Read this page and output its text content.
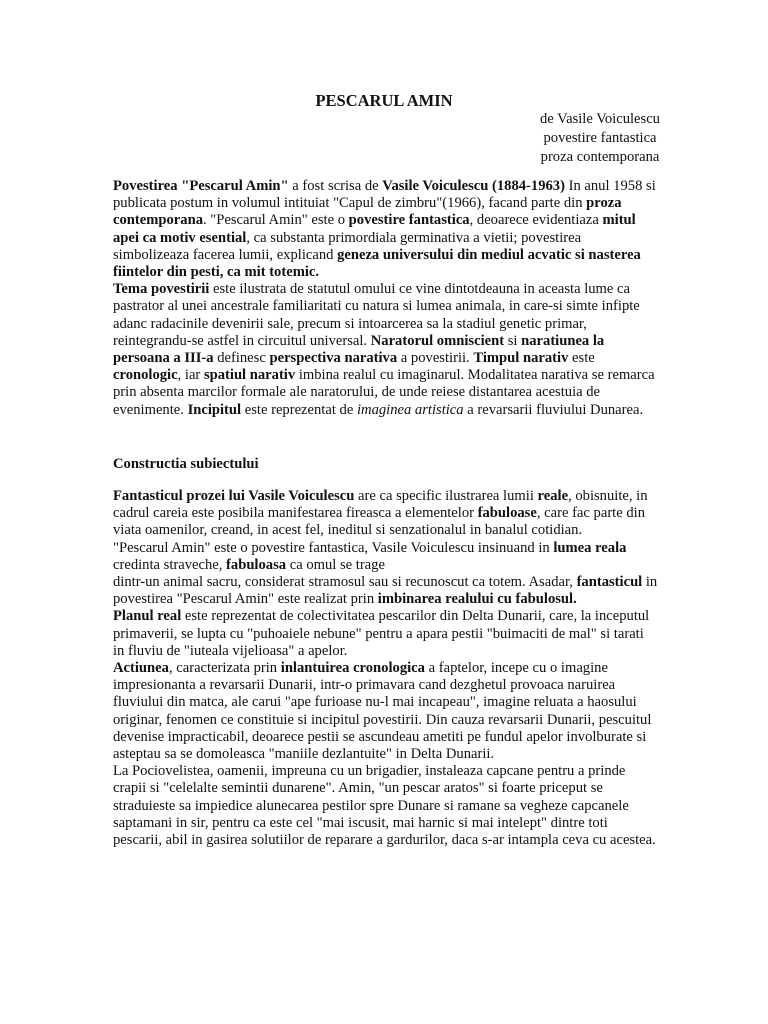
PESCARUL AMIN
de Vasile Voiculescu
povestire fantastica
proza contemporana

Povestirea "Pescarul Amin" a fost scrisa de Vasile Voiculescu (1884-1963) In anul 1958 si publicata postum in volumul intituiat "Capul de zimbru"(1966), facand parte din proza contemporana. "Pescarul Amin" este o povestire fantastica, deoarece evidentiaza mitul apei ca motiv esential, ca substanta primordiala germinativa a vietii; povestirea simbolizeaza facerea lumii, explicand geneza universului din mediul acvatic si nasterea fiintelor din pesti, ca mit totemic.

Tema povestirii este ilustrata de statutul omului ce vine dintotdeauna in aceasta lume ca pastrator al unei ancestrale familiaritati cu natura si lumea animala, in care-si simte infipte adanc radacinile devenirii sale, precum si intoarcerea sa la stadiul genetic primar, reintegrandu-se astfel in circuitul universal. Naratorul omniscient si naratiunea la persoana a III-a definesc perspectiva narativa a povestirii. Timpul narativ este cronologic, iar spatiul narativ imbina realul cu imaginarul. Modalitatea narativa se remarca prin absenta marcilor formale ale naratorului, de unde reiese distantarea acestuia de evenimente. Incipitul este reprezentat de imaginea artistica a revarsarii fluviului Dunarea.

Constructia subiectului

Fantasticul prozei lui Vasile Voiculescu are ca specific ilustrarea lumii reale, obisnuite, in cadrul careia este posibila manifestarea fireasca a elementelor fabuloase, care fac parte din viata oamenilor, creand, in acest fel, ineditul si senzationalul in banalul cotidian.

"Pescarul Amin" este o povestire fantastica, Vasile Voiculescu insinuand in lumea reala credinta straveche, fabuloasa ca omul se trage

dintr-un animal sacru, considerat stramosul sau si recunoscut ca totem. Asadar, fantasticul in povestirea "Pescarul Amin" este realizat prin imbinarea realului cu fabulosul.

Planul real este reprezentat de colectivitatea pescarilor din Delta Dunarii, care, la inceputul primaverii, se lupta cu "puhoaiele nebune" pentru a apara pestii "buimaciti de mal" si tarati in fluviu de "iuteala vijelioasa" a apelor.

Actiunea, caracterizata prin inlantuirea cronologica a faptelor, incepe cu o imagine impresionanta a revarsarii Dunarii, intr-o primavara cand dezghetul provoaca naruirea fluviului din matca, ale carui "ape furioase nu-l mai incapeau", imagine reluata a haosului originar, fenomen ce constituie si incipitul povestirii. Din cauza revarsarii Dunarii, pescuitul devenise impracticabil, deoarece pestii se ascundeau ametiti pe fundul apelor involburate si asteptau sa se domoleasca "maniile dezlantuite" in Delta Dunarii.

La Pociovelistea, oamenii, impreuna cu un brigadier, instaleaza capcane pentru a prinde crapii si "celelalte semintii dunarene". Amin, "un pescar aratos" si foarte priceput se straduieste sa impiedice alunecarea pestilor spre Dunare si ramane sa vegheze capcanele saptamani in sir, pentru ca este cel "mai iscusit, mai harnic si mai intelept" dintre toti pescarii, abil in gasirea solutiilor de reparare a gardurilor, daca s-ar intampla ceva cu acestea.
